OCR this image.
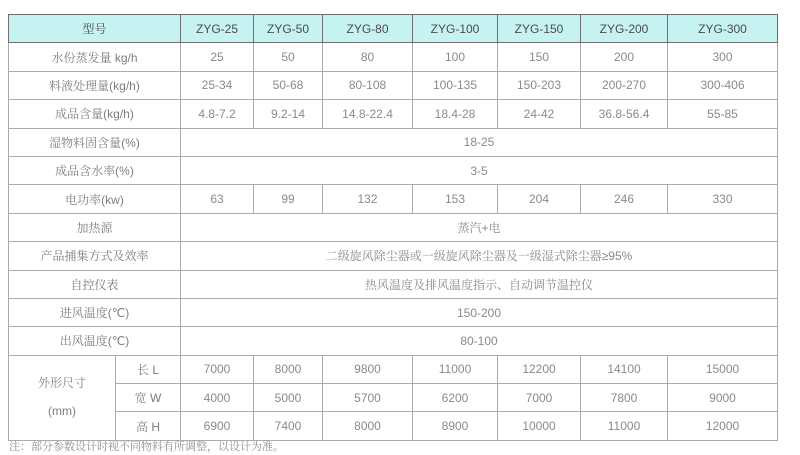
型号		ZYG-25	ZYG-50	ZYG-80	ZYG-100	ZYG-150	ZYG-200	ZYG-300
水份蒸发量 kg/h		25	50	80	100	150	200	300
料液处理量(kg/h)		25-34	50-68	80-108	100-135	150-203	200-270	300-406
成品含量(kg/h)		4.8-7.2	9.2-14	14.8-22.4	18.4-28	24-42	36.8-56.4	55-85
湿物料固含量(%)		18-25						
成品含水率(%)		3-5						
电功率(kw)		63	99	132	153	204	246	330
加热源		蒸汽+电						
产品捕集方式及效率		二级旋风除尘器或一级旋风除尘器及一级湿式除尘器≥95%						
自控仪表		热风温度及排风温度指示、自动调节温控仪						
进风温度(℃)		150-200						
出风温度(℃)		80-100						

外形尺寸
(mm)	长 L	7000	8000	9800	11000	12200	14100	15000
	宽 W	4000	5000	5700	6200	7000	7800	9000
	高 H	6900	7400	8000	8900	10000	11000	12000
注：部分参数设计时视不同物料有所调整，以设计为准。
